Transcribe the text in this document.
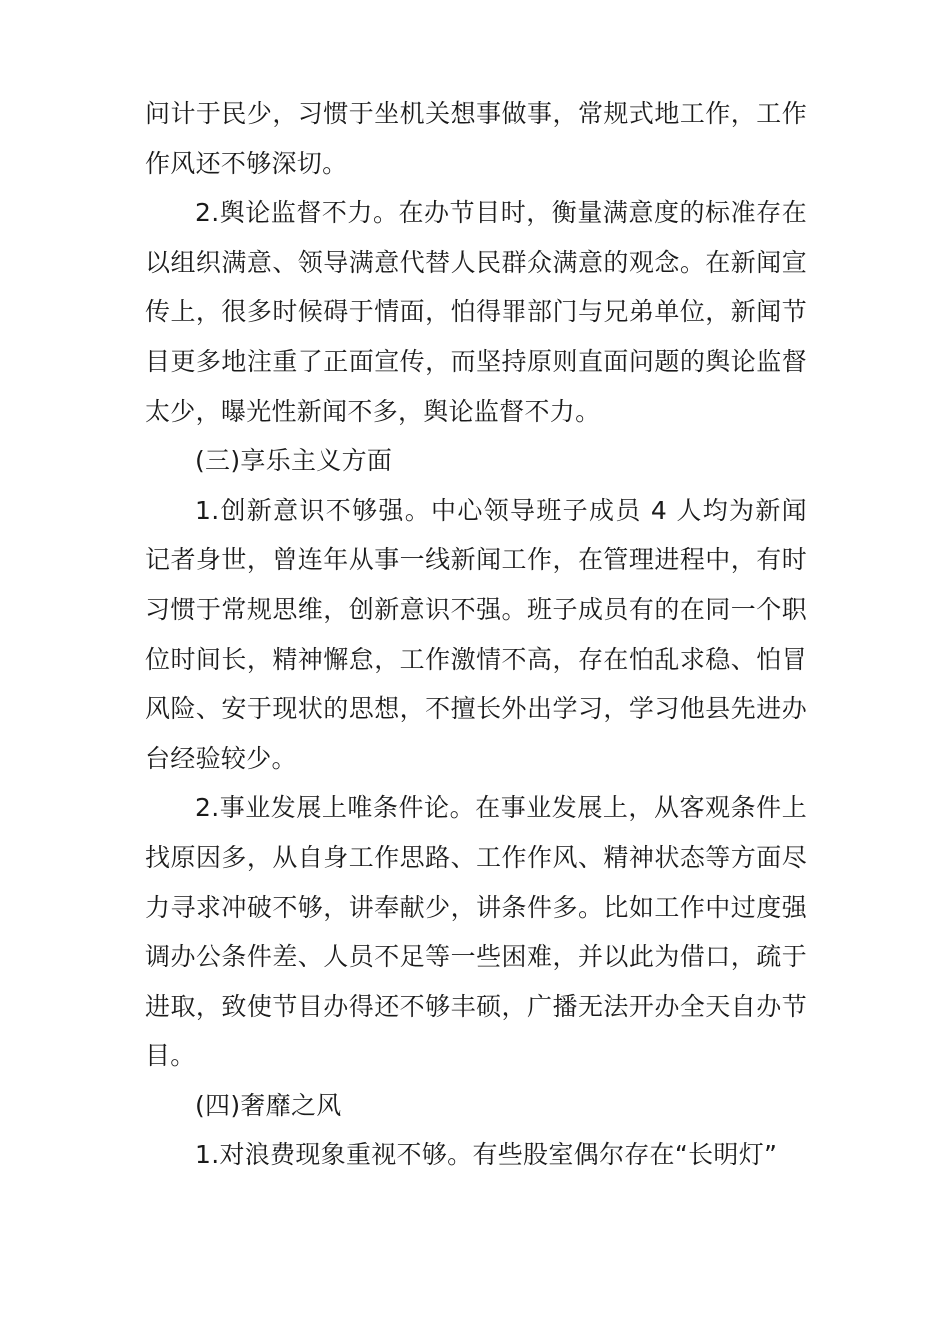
问计于民少，习惯于坐机关想事做事，常规式地工作，工作作风还不够深切。

2.舆论监督不力。在办节目时，衡量满意度的标准存在以组织满意、领导满意代替人民群众满意的观念。在新闻宣传上，很多时候碍于情面，怕得罪部门与兄弟单位，新闻节目更多地注重了正面宣传，而坚持原则直面问题的舆论监督太少，曝光性新闻不多，舆论监督不力。

(三)享乐主义方面

1.创新意识不够强。中心领导班子成员 4 人均为新闻记者身世，曾连年从事一线新闻工作，在管理进程中，有时习惯于常规思维，创新意识不强。班子成员有的在同一个职位时间长，精神懈怠，工作激情不高，存在怕乱求稳、怕冒风险、安于现状的思想，不擅长外出学习，学习他县先进办台经验较少。

2.事业发展上唯条件论。在事业发展上，从客观条件上找原因多，从自身工作思路、工作作风、精神状态等方面尽力寻求冲破不够，讲奉献少，讲条件多。比如工作中过度强调办公条件差、人员不足等一些困难，并以此为借口，疏于进取，致使节目办得还不够丰硕，广播无法开办全天自办节目。

(四)奢靡之风

1.对浪费现象重视不够。有些股室偶尔存在“长明灯”
